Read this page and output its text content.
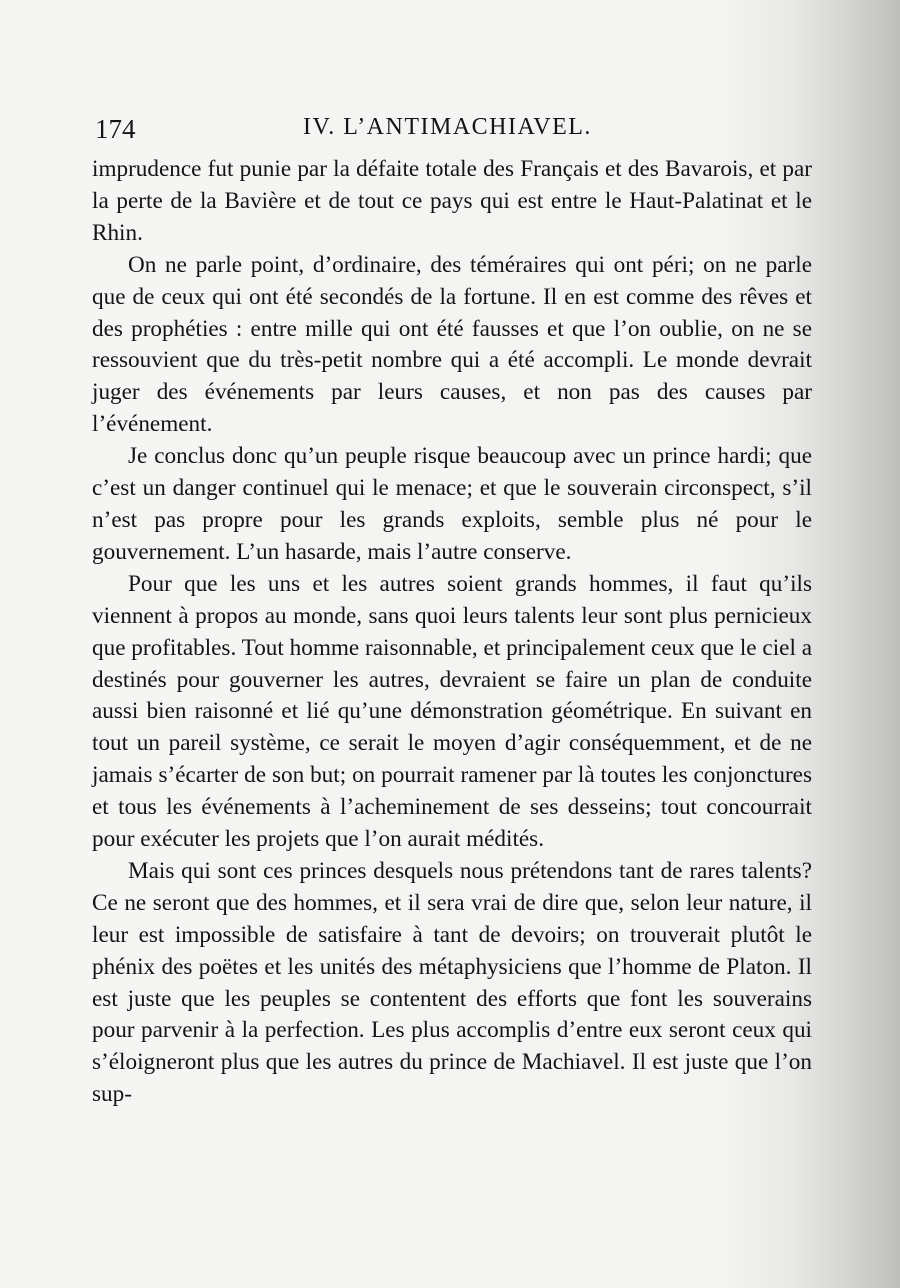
174	IV. L’ANTIMACHIAVEL.

imprudence fut punie par la défaite totale des Français et des Bavarois, et par la perte de la Bavière et de tout ce pays qui est entre le Haut-Palatinat et le Rhin.

On ne parle point, d’ordinaire, des téméraires qui ont péri; on ne parle que de ceux qui ont été secondés de la fortune. Il en est comme des rêves et des prophéties : entre mille qui ont été fausses et que l’on oublie, on ne se ressouvient que du très-petit nombre qui a été accompli. Le monde devrait juger des événements par leurs causes, et non pas des causes par l’événement.

Je conclus donc qu’un peuple risque beaucoup avec un prince hardi; que c’est un danger continuel qui le menace; et que le souverain circonspect, s’il n’est pas propre pour les grands exploits, semble plus né pour le gouvernement. L’un hasarde, mais l’autre conserve.

Pour que les uns et les autres soient grands hommes, il faut qu’ils viennent à propos au monde, sans quoi leurs talents leur sont plus pernicieux que profitables. Tout homme raisonnable, et principalement ceux que le ciel a destinés pour gouverner les autres, devraient se faire un plan de conduite aussi bien raisonné et lié qu’une démonstration géométrique. En suivant en tout un pareil système, ce serait le moyen d’agir conséquemment, et de ne jamais s’écarter de son but; on pourrait ramener par là toutes les conjonctures et tous les événements à l’acheminement de ses desseins; tout concourrait pour exécuter les projets que l’on aurait médités.

Mais qui sont ces princes desquels nous prétendons tant de rares talents? Ce ne seront que des hommes, et il sera vrai de dire que, selon leur nature, il leur est impossible de satisfaire à tant de devoirs; on trouverait plutôt le phénix des poëtes et les unités des métaphysiciens que l’homme de Platon. Il est juste que les peuples se contentent des efforts que font les souverains pour parvenir à la perfection. Les plus accomplis d’entre eux seront ceux qui s’éloigneront plus que les autres du prince de Machiavel. Il est juste que l’on sup-
